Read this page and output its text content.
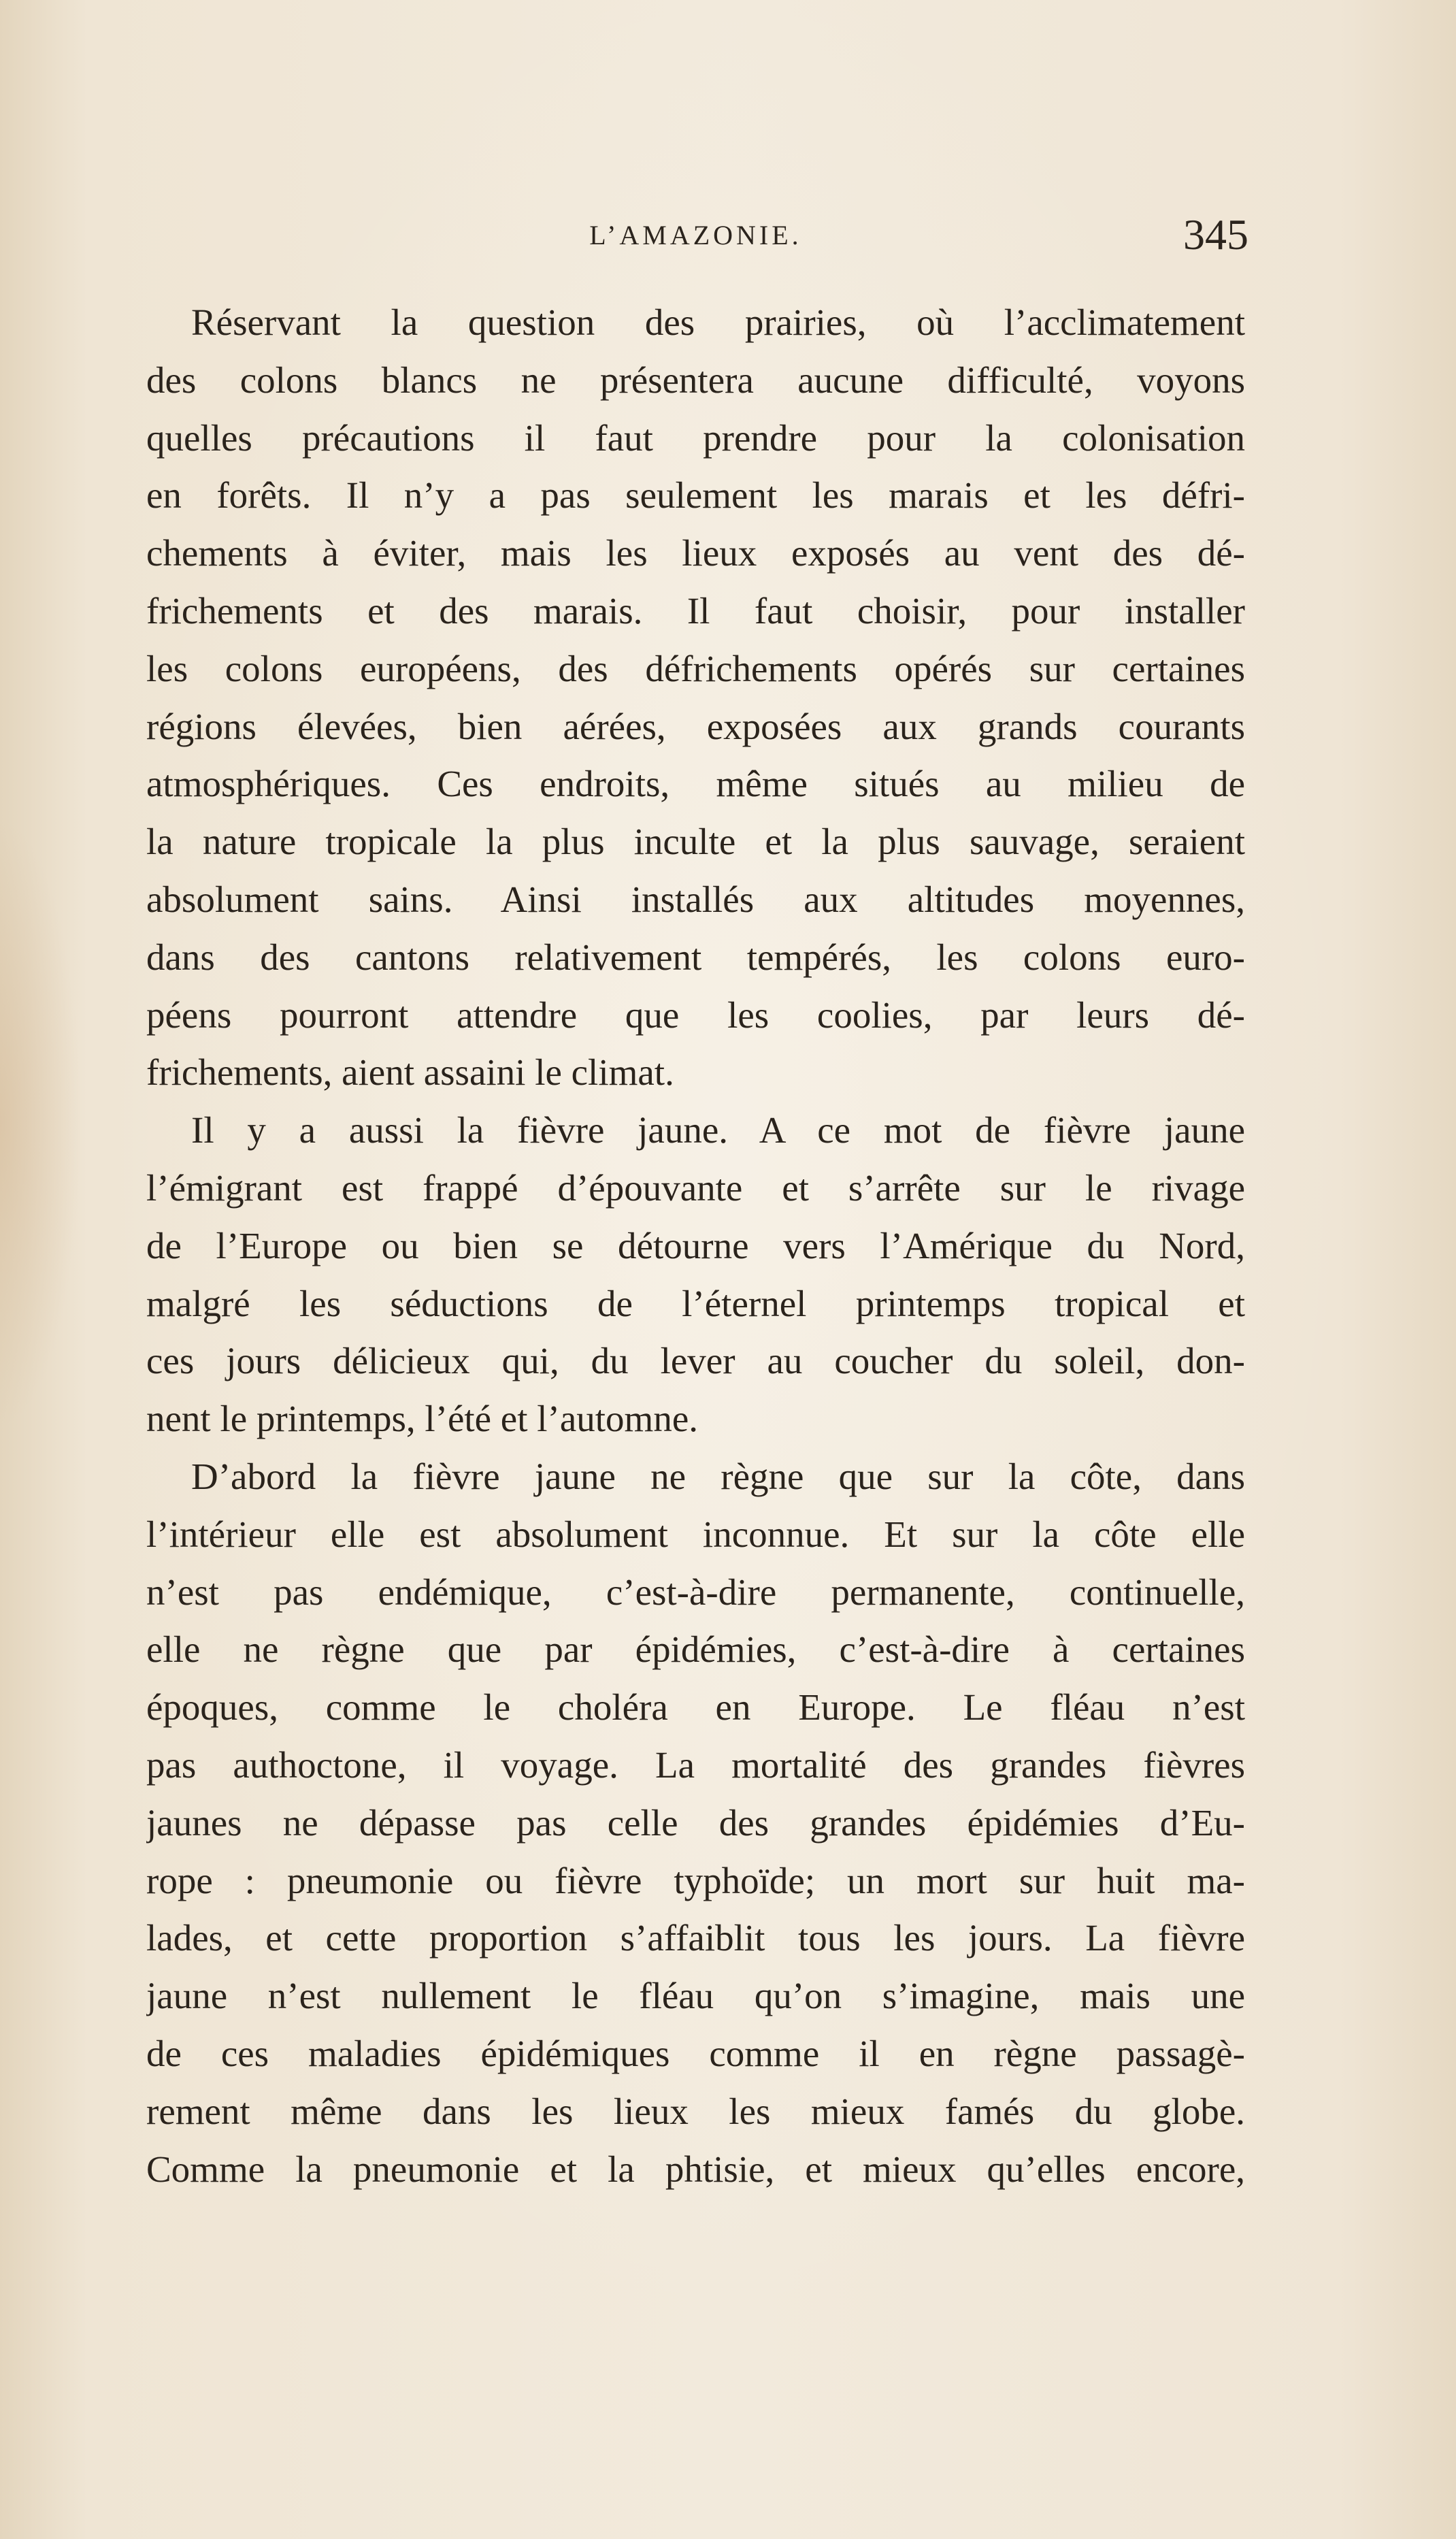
L’AMAZONIE.	345
Réservant la question des prairies, où l’acclimatement
des colons blancs ne présentera aucune difficulté, voyons
quelles précautions il faut prendre pour la colonisation
en forêts. Il n’y a pas seulement les marais et les défri-
chements à éviter, mais les lieux exposés au vent des dé-
frichements et des marais. Il faut choisir, pour installer
les colons européens, des défrichements opérés sur certaines
régions élevées, bien aérées, exposées aux grands courants
atmosphériques. Ces endroits, même situés au milieu de
la nature tropicale la plus inculte et la plus sauvage, seraient
absolument sains. Ainsi installés aux altitudes moyennes,
dans des cantons relativement tempérés, les colons euro-
péens pourront attendre que les coolies, par leurs dé-
frichements, aient assaini le climat.
Il y a aussi la fièvre jaune. A ce mot de fièvre jaune
l’émigrant est frappé d’épouvante et s’arrête sur le rivage
de l’Europe ou bien se détourne vers l’Amérique du Nord,
malgré les séductions de l’éternel printemps tropical et
ces jours délicieux qui, du lever au coucher du soleil, don-
nent le printemps, l’été et l’automne.
D’abord la fièvre jaune ne règne que sur la côte, dans
l’intérieur elle est absolument inconnue. Et sur la côte elle
n’est pas endémique, c’est-à-dire permanente, continuelle,
elle ne règne que par épidémies, c’est-à-dire à certaines
époques, comme le choléra en Europe. Le fléau n’est
pas authoctone, il voyage. La mortalité des grandes fièvres
jaunes ne dépasse pas celle des grandes épidémies d’Eu-
rope : pneumonie ou fièvre typhoïde; un mort sur huit ma-
lades, et cette proportion s’affaiblit tous les jours. La fièvre
jaune n’est nullement le fléau qu’on s’imagine, mais une
de ces maladies épidémiques comme il en règne passagè-
rement même dans les lieux les mieux famés du globe.
Comme la pneumonie et la phtisie, et mieux qu’elles encore,
